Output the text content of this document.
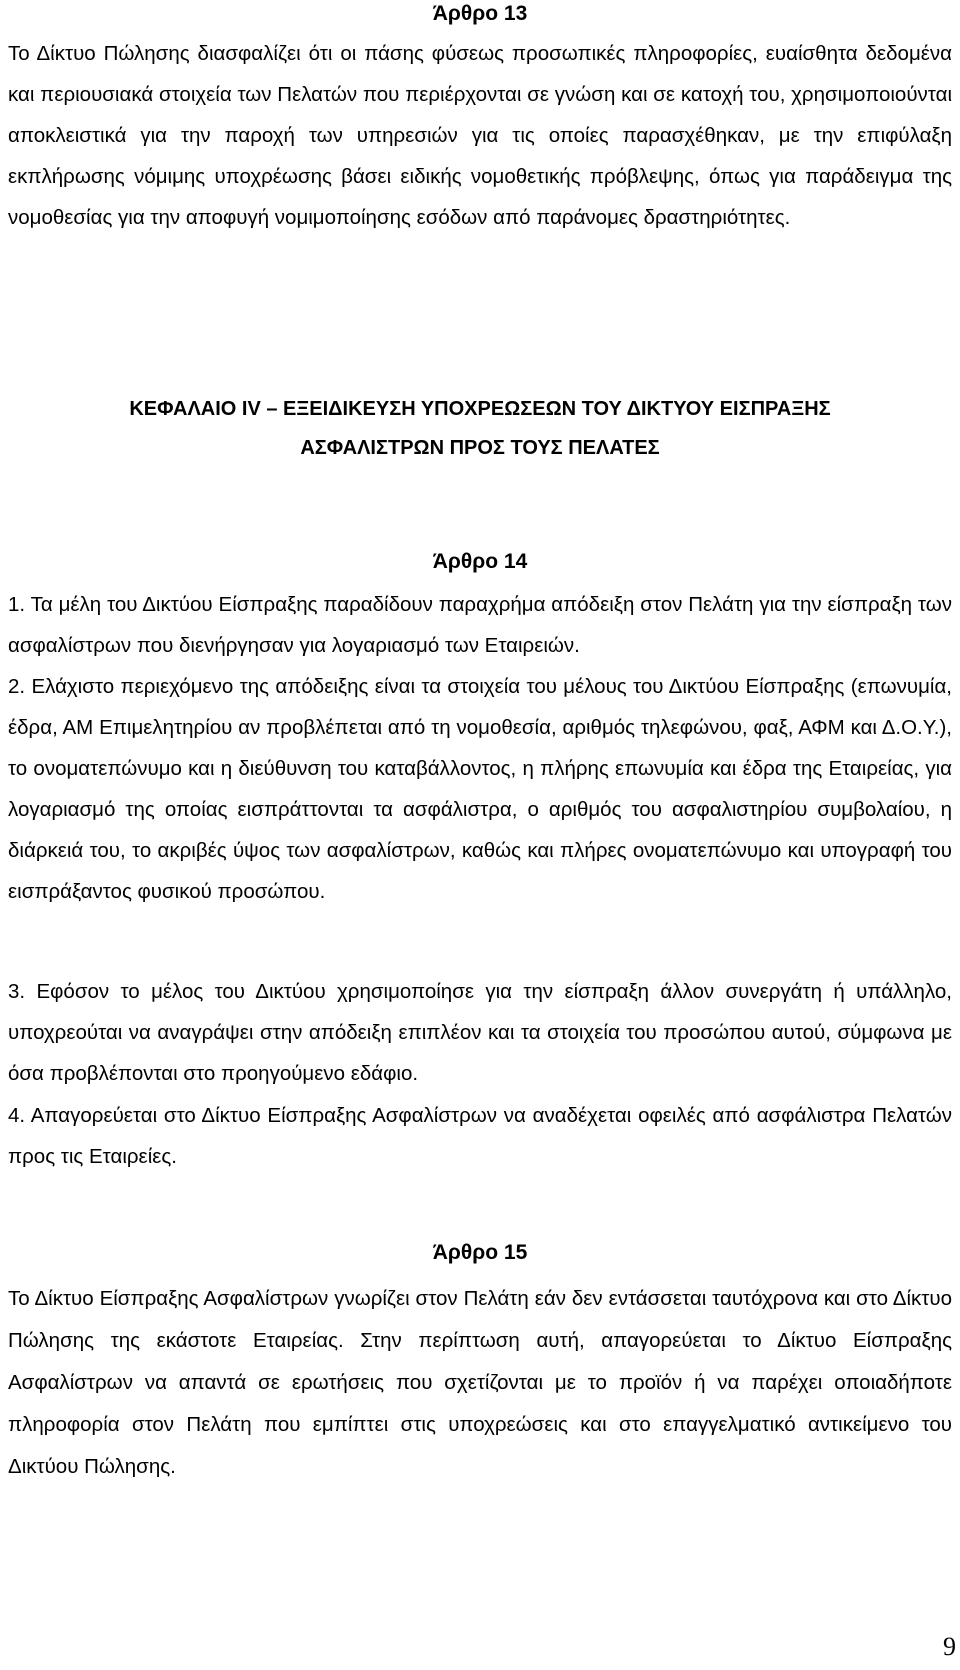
Άρθρο 13

Το Δίκτυο Πώλησης διασφαλίζει ότι οι πάσης φύσεως προσωπικές πληροφορίες, ευαίσθητα δεδομένα και περιουσιακά στοιχεία των Πελατών που περιέρχονται σε γνώση και σε κατοχή του, χρησιμοποιούνται αποκλειστικά για την παροχή των υπηρεσιών για τις οποίες παρασχέθηκαν, με την επιφύλαξη εκπλήρωσης νόμιμης υποχρέωσης βάσει ειδικής νομοθετικής πρόβλεψης, όπως για παράδειγμα της νομοθεσίας για την αποφυγή νομιμοποίησης εσόδων από παράνομες δραστηριότητες.

ΚΕΦΑΛΑΙΟ IV – ΕΞΕΙΔΙΚΕΥΣΗ ΥΠΟΧΡΕΩΣΕΩΝ ΤΟΥ ΔΙΚΤΥΟΥ ΕΙΣΠΡΑΞΗΣ

ΑΣΦΑΛΙΣΤΡΩΝ ΠΡΟΣ ΤΟΥΣ ΠΕΛΑΤΕΣ

Άρθρο 14

1. Τα μέλη του Δικτύου Είσπραξης παραδίδουν παραχρήμα απόδειξη στον Πελάτη για την είσπραξη των ασφαλίστρων που διενήργησαν για λογαριασμό των Εταιρειών.

2. Ελάχιστο περιεχόμενο της απόδειξης είναι τα στοιχεία του μέλους του Δικτύου Είσπραξης (επωνυμία, έδρα, ΑΜ Επιμελητηρίου αν προβλέπεται από τη νομοθεσία, αριθμός τηλεφώνου, φαξ, ΑΦΜ και Δ.Ο.Υ.), το ονοματεπώνυμο και η διεύθυνση του καταβάλλοντος, η πλήρης επωνυμία και έδρα της Εταιρείας, για λογαριασμό της οποίας εισπράττονται τα ασφάλιστρα, ο αριθμός του ασφαλιστηρίου συμβολαίου, η διάρκειά του, το ακριβές ύψος των ασφαλίστρων, καθώς και πλήρες ονοματεπώνυμο και υπογραφή του εισπράξαντος φυσικού προσώπου.

3. Εφόσον το μέλος του Δικτύου χρησιμοποίησε για την είσπραξη άλλον συνεργάτη ή υπάλληλο, υποχρεούται να αναγράψει στην απόδειξη επιπλέον και τα στοιχεία του προσώπου αυτού, σύμφωνα με όσα προβλέπονται στο προηγούμενο εδάφιο.

4. Απαγορεύεται στο Δίκτυο Είσπραξης Ασφαλίστρων να αναδέχεται οφειλές από ασφάλιστρα Πελατών προς τις Εταιρείες.

Άρθρο 15

Το Δίκτυο Είσπραξης Ασφαλίστρων γνωρίζει στον Πελάτη εάν δεν εντάσσεται ταυτόχρονα και στο Δίκτυο Πώλησης της εκάστοτε Εταιρείας. Στην περίπτωση αυτή, απαγορεύεται το Δίκτυο Είσπραξης Ασφαλίστρων να απαντά σε ερωτήσεις που σχετίζονται με το προϊόν ή να παρέχει οποιαδήποτε πληροφορία στον Πελάτη που εμπίπτει στις υποχρεώσεις και στο επαγγελματικό αντικείμενο του Δικτύου Πώλησης.

9
